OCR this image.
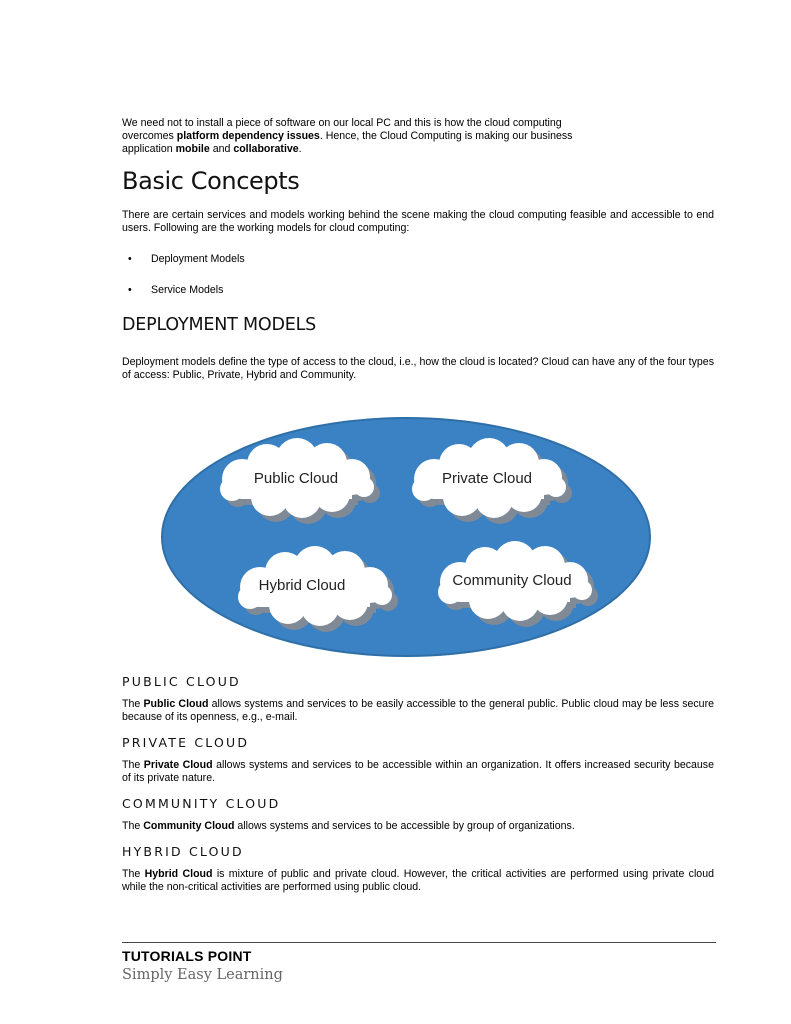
We need not to install a piece of software on our local PC and this is how the cloud computing
overcomes platform dependency issues. Hence, the Cloud Computing is making our business
application mobile and collaborative.
Basic Concepts
There are certain services and models working behind the scene making the cloud computing feasible and accessible to end users. Following are the working models for cloud computing:
• Deployment Models
• Service Models
DEPLOYMENT MODELS
Deployment models define the type of access to the cloud, i.e., how the cloud is located? Cloud can have any of the four types of access: Public, Private, Hybrid and Community.
Public Cloud	Private Cloud
Hybrid Cloud	Community Cloud
PUBLIC CLOUD
The Public Cloud allows systems and services to be easily accessible to the general public. Public cloud may be less secure because of its openness, e.g., e-mail.
PRIVATE CLOUD
The Private Cloud allows systems and services to be accessible within an organization. It offers increased security because of its private nature.
COMMUNITY CLOUD
The Community Cloud allows systems and services to be accessible by group of organizations.
HYBRID CLOUD
The Hybrid Cloud is mixture of public and private cloud. However, the critical activities are performed using private cloud while the non-critical activities are performed using public cloud.
TUTORIALS POINT
Simply Easy Learning
